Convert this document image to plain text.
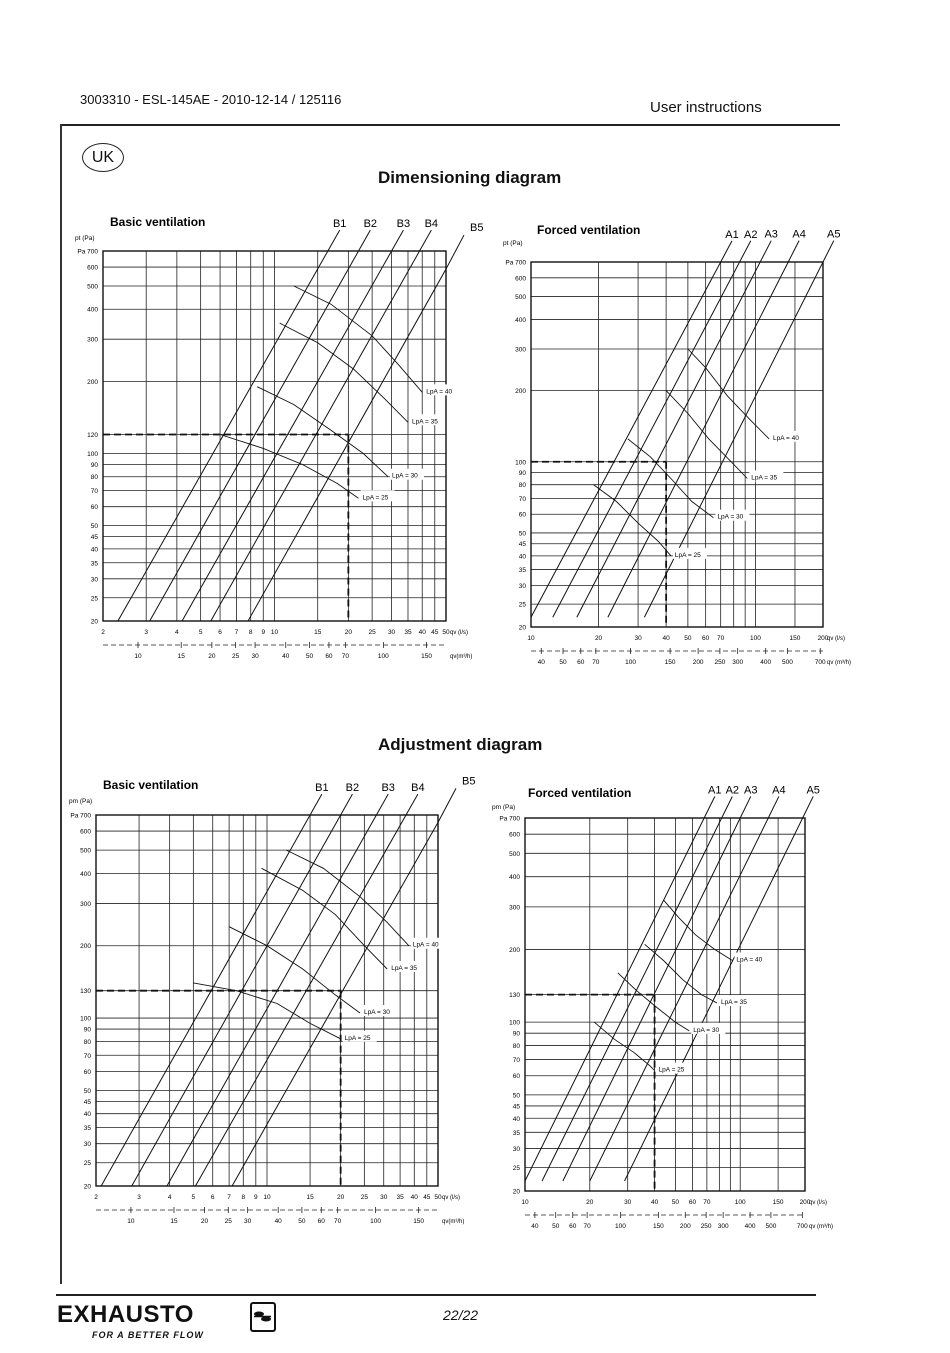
3003310 - ESL-145AE - 2010-12-14 / 125116	User instructions
UK
Dimensioning diagram
Adjustment diagram
20
25
30
35
40
45
50
60
70
80
90
100
120
200
300
400
500
600
Pa 700
2	3	4	5 6 7 8 9 10	15	20	25 30 35 40 45 50 qv (l/s)
10	15	20	25 30	40	50 60 70	100	150	qv(m³/h)
Basic ventilation
pt (Pa)
B1 B2 B3 B4	B5
LpA = 40
LpA = 35
LpA = 30
LpA = 25
20
25
30
35
40
45
50
60
70
80
90
100
200
300
400
500
600
Pa 700
10	20	30	40 50 60 70	100	150	200
qv (l/s)
40 50 60 70	100	150	200 250 300	400 500	700 qv (m³/h)
Forced ventilation
pt (Pa)
A1 A2 A3 A4 A5
LpA = 40
LpA = 35
LpA = 30
LpA = 25
20
25
30
35
40
45
50
60
70
80
90
100
130
200
300
400
500
600
Pa 700
2	3	4	5 6 7 8 9 10	15	20	25 30 35 40 45 50 qv (l/s)
10	15	20	25 30	40	50 60 70	100	150	qv(m³/h)
Basic ventilation
pm (Pa)
B1 B2 B3 B4
B5
LpA = 40
LpA = 35
LpA = 30
LpA = 25
20
25
30
35
40
45
50
60
70
80
90
100
130
200
300
400
500
600
Pa 700
10	20	30	40 50 60 70	100	150 200
qv (l/s)
40 50 60 70	100	150 200 250 300 400 500	700 qv (m³/h)
Forced ventilation
pm (Pa)
A1 A2 A3 A4 A5
LpA = 40
LpA = 35
LpA = 30
LpA = 25
EXHAUSTO
FOR A BETTER FLOW
22/22
